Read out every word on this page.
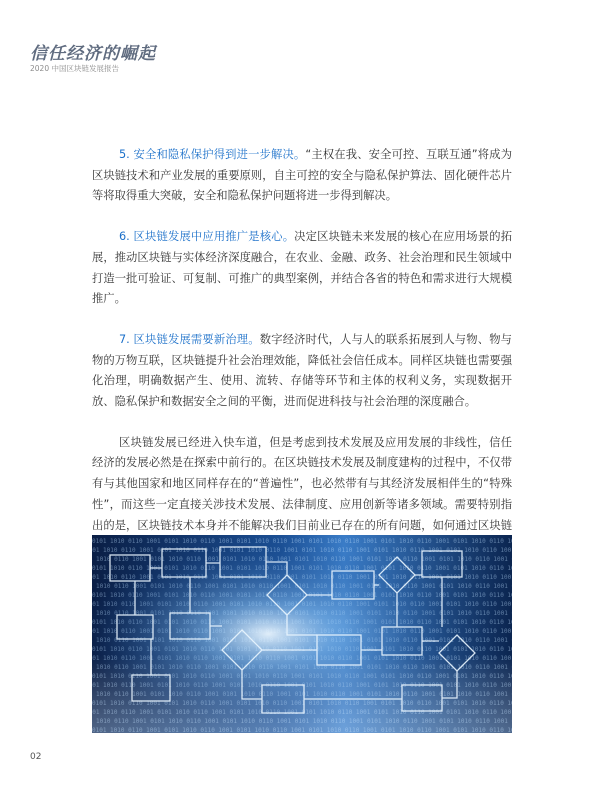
信任经济的崛起
2020 中国区块链发展报告

5. 安全和隐私保护得到进一步解决。“主权在我、安全可控、互联互通”将成为区块链技术和产业发展的重要原则，自主可控的安全与隐私保护算法、固化硬件芯片等将取得重大突破，安全和隐私保护问题将进一步得到解决。

6. 区块链发展中应用推广是核心。决定区块链未来发展的核心在应用场景的拓展，推动区块链与实体经济深度融合，在农业、金融、政务、社会治理和民生领域中打造一批可验证、可复制、可推广的典型案例，并结合各省的特色和需求进行大规模推广。

7. 区块链发展需要新治理。数字经济时代，人与人的联系拓展到人与物、物与物的万物互联，区块链提升社会治理效能，降低社会信任成本。同样区块链也需要强化治理，明确数据产生、使用、流转、存储等环节和主体的权利义务，实现数据开放、隐私保护和数据安全之间的平衡，进而促进科技与社会治理的深度融合。

区块链发展已经进入快车道，但是考虑到技术发展及应用发展的非线性，信任经济的发展必然是在探索中前行的。在区块链技术发展及制度建构的过程中，不仅带有与其他国家和地区同样存在的“普遍性”，也必然带有与其经济发展相伴生的“特殊性”，而这些一定直接关涉技术发展、法律制度、应用创新等诸多领域。需要特别指出的是，区块链技术本身并不能解决我们目前业已存在的所有问题，如何通过区块链

02
